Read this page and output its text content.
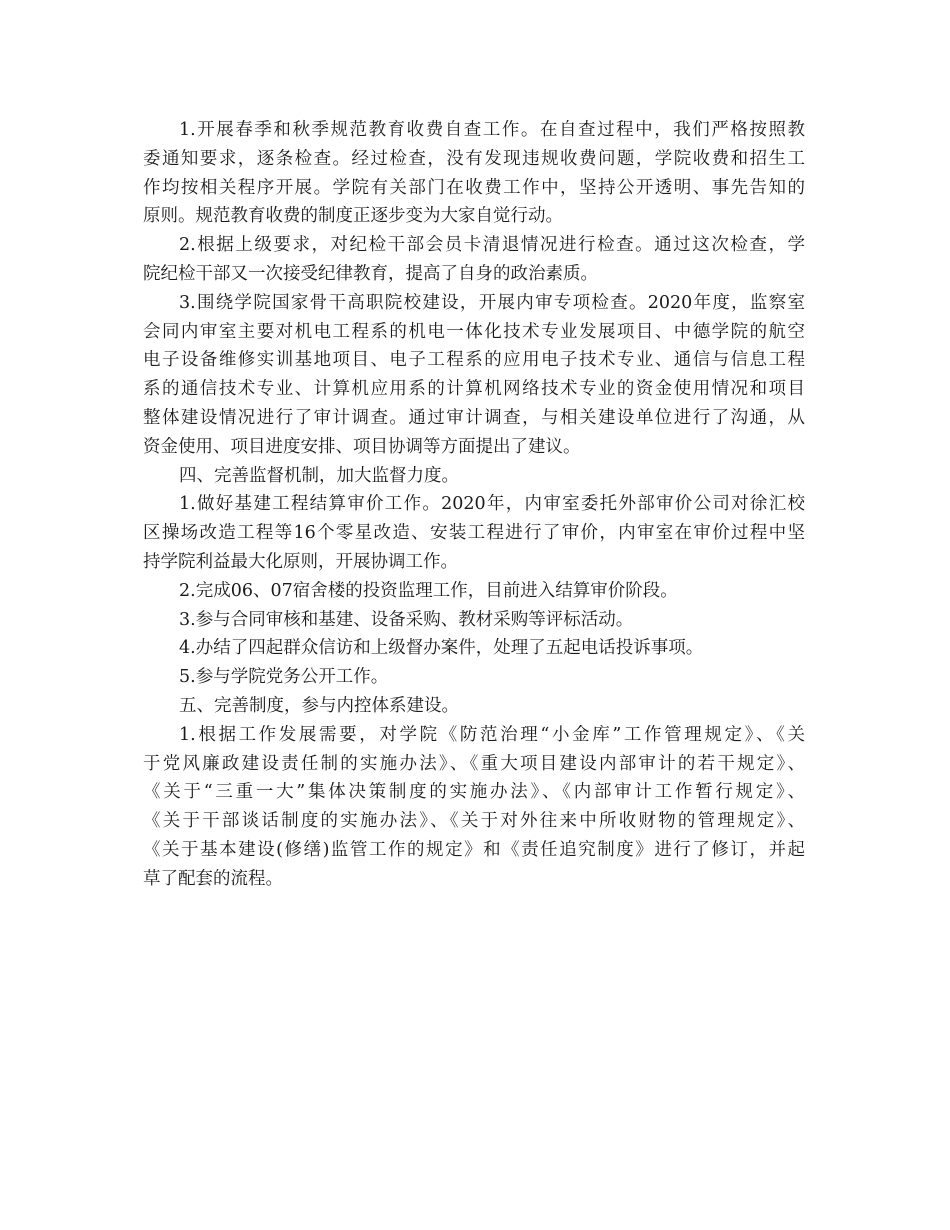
1.开展春季和秋季规范教育收费自查工作。在自查过程中，我们严格按照教
委通知要求，逐条检查。经过检查，没有发现违规收费问题，学院收费和招生工
作均按相关程序开展。学院有关部门在收费工作中，坚持公开透明、事先告知的
原则。规范教育收费的制度正逐步变为大家自觉行动。
2.根据上级要求，对纪检干部会员卡清退情况进行检查。通过这次检查，学
院纪检干部又一次接受纪律教育，提高了自身的政治素质。
3.围绕学院国家骨干高职院校建设，开展内审专项检查。2020年度，监察室
会同内审室主要对机电工程系的机电一体化技术专业发展项目、中德学院的航空
电子设备维修实训基地项目、电子工程系的应用电子技术专业、通信与信息工程
系的通信技术专业、计算机应用系的计算机网络技术专业的资金使用情况和项目
整体建设情况进行了审计调查。通过审计调查，与相关建设单位进行了沟通，从
资金使用、项目进度安排、项目协调等方面提出了建议。
四、完善监督机制，加大监督力度。
1.做好基建工程结算审价工作。2020年，内审室委托外部审价公司对徐汇校
区操场改造工程等16个零星改造、安装工程进行了审价，内审室在审价过程中坚
持学院利益最大化原则，开展协调工作。
2.完成06、07宿舍楼的投资监理工作，目前进入结算审价阶段。
3.参与合同审核和基建、设备采购、教材采购等评标活动。
4.办结了四起群众信访和上级督办案件，处理了五起电话投诉事项。
5.参与学院党务公开工作。
五、完善制度，参与内控体系建设。
1.根据工作发展需要，对学院《防范治理“小金库”工作管理规定》、《关
于党风廉政建设责任制的实施办法》、《重大项目建设内部审计的若干规定》、
《关于“三重一大”集体决策制度的实施办法》、《内部审计工作暂行规定》、
《关于干部谈话制度的实施办法》、《关于对外往来中所收财物的管理规定》、
《关于基本建设(修缮)监管工作的规定》和《责任追究制度》进行了修订，并起
草了配套的流程。
